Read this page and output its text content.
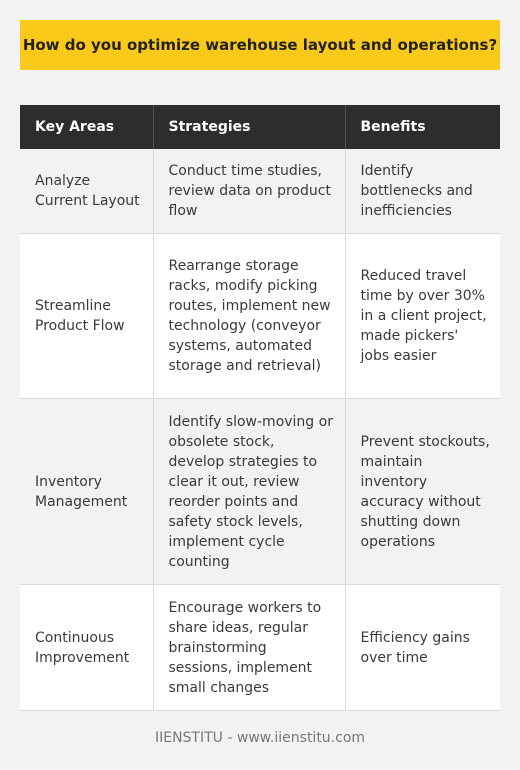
How do you optimize warehouse layout and operations?
Key Areas	Strategies	Benefits
Analyze Current Layout	Conduct time studies, review data on product flow	Identify bottlenecks and inefficiencies
Streamline Product Flow	Rearrange storage racks, modify picking routes, implement new technology (conveyor systems, automated storage and retrieval)	Reduced travel time by over 30% in a client project, made pickers' jobs easier
Inventory Management	Identify slow-moving or obsolete stock, develop strategies to clear it out, review reorder points and safety stock levels, implement cycle counting	Prevent stockouts, maintain inventory accuracy without shutting down operations
Continuous Improvement	Encourage workers to share ideas, regular brainstorming sessions, implement small changes	Efficiency gains over time
IIENSTITU - www.iienstitu.com
